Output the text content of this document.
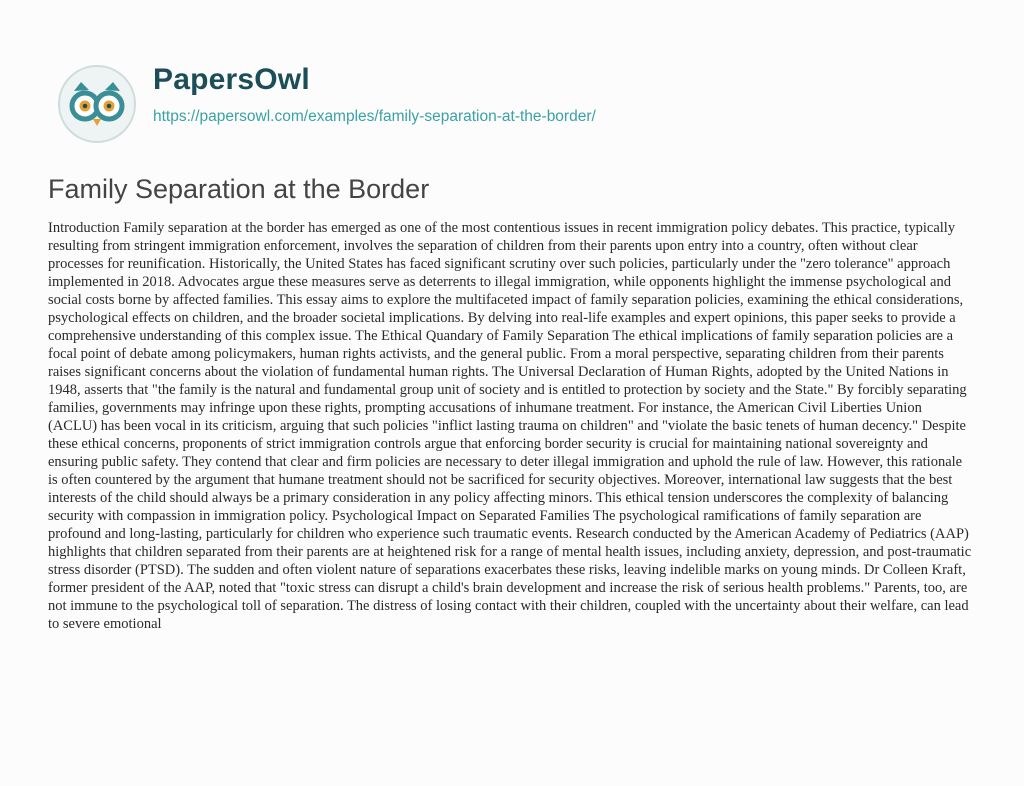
PapersOwl
https://papersowl.com/examples/family-separation-at-the-border/
Family Separation at the Border

Introduction Family separation at the border has emerged as one of the most contentious issues in recent immigration policy debates. This practice, typically resulting from stringent immigration enforcement, involves the separation of children from their parents upon entry into a country, often without clear processes for reunification. Historically, the United States has faced significant scrutiny over such policies, particularly under the "zero tolerance" approach implemented in 2018. Advocates argue these measures serve as deterrents to illegal immigration, while opponents highlight the immense psychological and social costs borne by affected families. This essay aims to explore the multifaceted impact of family separation policies, examining the ethical considerations, psychological effects on children, and the broader societal implications. By delving into real-life examples and expert opinions, this paper seeks to provide a comprehensive understanding of this complex issue. The Ethical Quandary of Family Separation The ethical implications of family separation policies are a focal point of debate among policymakers, human rights activists, and the general public. From a moral perspective, separating children from their parents raises significant concerns about the violation of fundamental human rights. The Universal Declaration of Human Rights, adopted by the United Nations in 1948, asserts that "the family is the natural and fundamental group unit of society and is entitled to protection by society and the State." By forcibly separating families, governments may infringe upon these rights, prompting accusations of inhumane treatment. For instance, the American Civil Liberties Union (ACLU) has been vocal in its criticism, arguing that such policies "inflict lasting trauma on children" and "violate the basic tenets of human decency." Despite these ethical concerns, proponents of strict immigration controls argue that enforcing border security is crucial for maintaining national sovereignty and ensuring public safety. They contend that clear and firm policies are necessary to deter illegal immigration and uphold the rule of law. However, this rationale is often countered by the argument that humane treatment should not be sacrificed for security objectives. Moreover, international law suggests that the best interests of the child should always be a primary consideration in any policy affecting minors. This ethical tension underscores the complexity of balancing security with compassion in immigration policy. Psychological Impact on Separated Families The psychological ramifications of family separation are profound and long-lasting, particularly for children who experience such traumatic events. Research conducted by the American Academy of Pediatrics (AAP) highlights that children separated from their parents are at heightened risk for a range of mental health issues, including anxiety, depression, and post-traumatic stress disorder (PTSD). The sudden and often violent nature of separations exacerbates these risks, leaving indelible marks on young minds. Dr Colleen Kraft, former president of the AAP, noted that "toxic stress can disrupt a child's brain development and increase the risk of serious health problems." Parents, too, are not immune to the psychological toll of separation. The distress of losing contact with their children, coupled with the uncertainty about their welfare, can lead to severe emotional
